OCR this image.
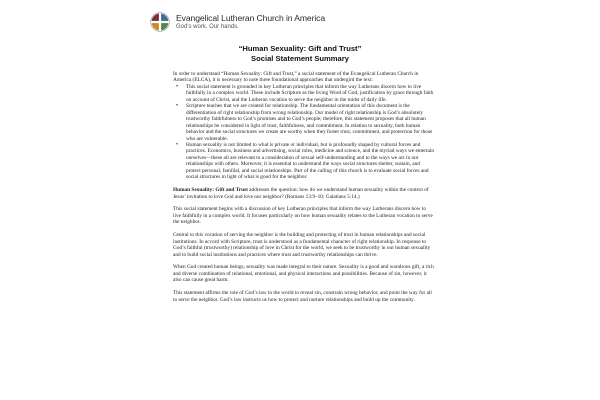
Evangelical Lutheran Church in America
God's work. Our hands.
“Human Sexuality: Gift and Trust”
Social Statement Summary

In order to understand “Human Sexuality: Gift and Trust,” a social statement of the Evangelical Lutheran Church in America (ELCA), it is necessary to note three foundational approaches that undergird the text:

• This social statement is grounded in key Lutheran principles that inform the way Lutherans discern how to live faithfully in a complex world. These include Scripture as the living Word of God, justification by grace through faith on account of Christ, and the Lutheran vocation to serve the neighbor in the midst of daily life.
• Scripture teaches that we are created for relationship. The fundamental orientation of this document is the differentiation of right relationship from wrong relationship. Our model of right relationship is God’s absolutely trustworthy faithfulness to God’s promises and to God’s people; therefore, this statement proposes that all human relationships be considered in light of trust, faithfulness, and commitment. In relation to sexuality, both human behavior and the social structures we create are worthy when they foster trust, commitment, and protection for those who are vulnerable.
• Human sexuality is not limited to what is private or individual, but is profoundly shaped by cultural forces and practices. Economics, business and advertising, social roles, medicine and science, and the myriad ways we entertain ourselves—these all are relevant to a consideration of sexual self-understanding and to the ways we act in our relationships with others. Moreover, it is essential to understand the ways social structures shelter, sustain, and protect personal, familial, and social relationships. Part of the calling of this church is to evaluate social forces and social structures in light of what is good for the neighbor.

Human Sexuality: Gift and Trust addresses the question: how do we understand human sexuality within the context of Jesus’ invitation to love God and love our neighbor? (Romans 13:9–10; Galatians 5:14.)

This social statement begins with a discussion of key Lutheran principles that inform the way Lutherans discern how to live faithfully in a complex world. It focuses particularly on how human sexuality relates to the Lutheran vocation to serve the neighbor.

Central to this vocation of serving the neighbor is the building and protecting of trust in human relationships and social institutions. In accord with Scripture, trust is understood as a fundamental character of right relationship. In response to God’s faithful (trustworthy) relationship of love in Christ for the world, we seek to be trustworthy in our human sexuality and to build social institutions and practices where trust and trustworthy relationships can thrive.

When God created human beings, sexuality was made integral to their nature. Sexuality is a good and wondrous gift, a rich and diverse combination of relational, emotional, and physical interactions and possibilities. Because of sin, however, it also can cause great harm.

This statement affirms the role of God’s law in the world to reveal sin, constrain wrong behavior, and point the way for all to serve the neighbor. God’s law instructs us how to protect and nurture relationships and build up the community.
